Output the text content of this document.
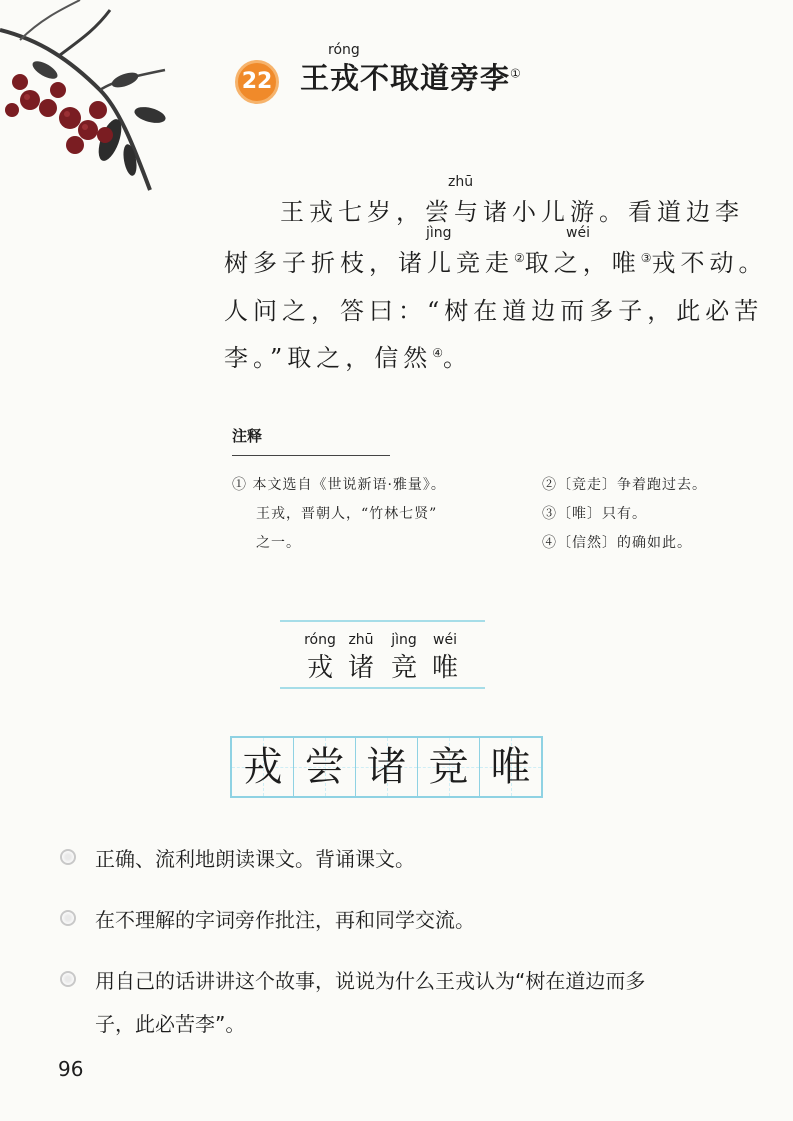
22
róng
王戎不取道旁李①
zhū
王戎七岁，尝与诸小儿游。看道边李
jìng	wéi
树多子折枝，诸儿竞走②取之，唯③戎不动。
人问之，答曰：“树在道边而多子，此必苦
李。”取之，信然④。
注释
① 本文选自《世说新语·雅量》。
王戎，晋朝人，“竹林七贤”
之一。
②〔竞走〕争着跑过去。
③〔唯〕只有。
④〔信然〕的确如此。
róng zhū	jìng	wéi
戎 诸 竞 唯
戎 尝 诸 竞 唯
正确、流利地朗读课文。背诵课文。
在不理解的字词旁作批注，再和同学交流。
用自己的话讲讲这个故事，说说为什么王戎认为“树在道边而多
子，此必苦李”。
96
